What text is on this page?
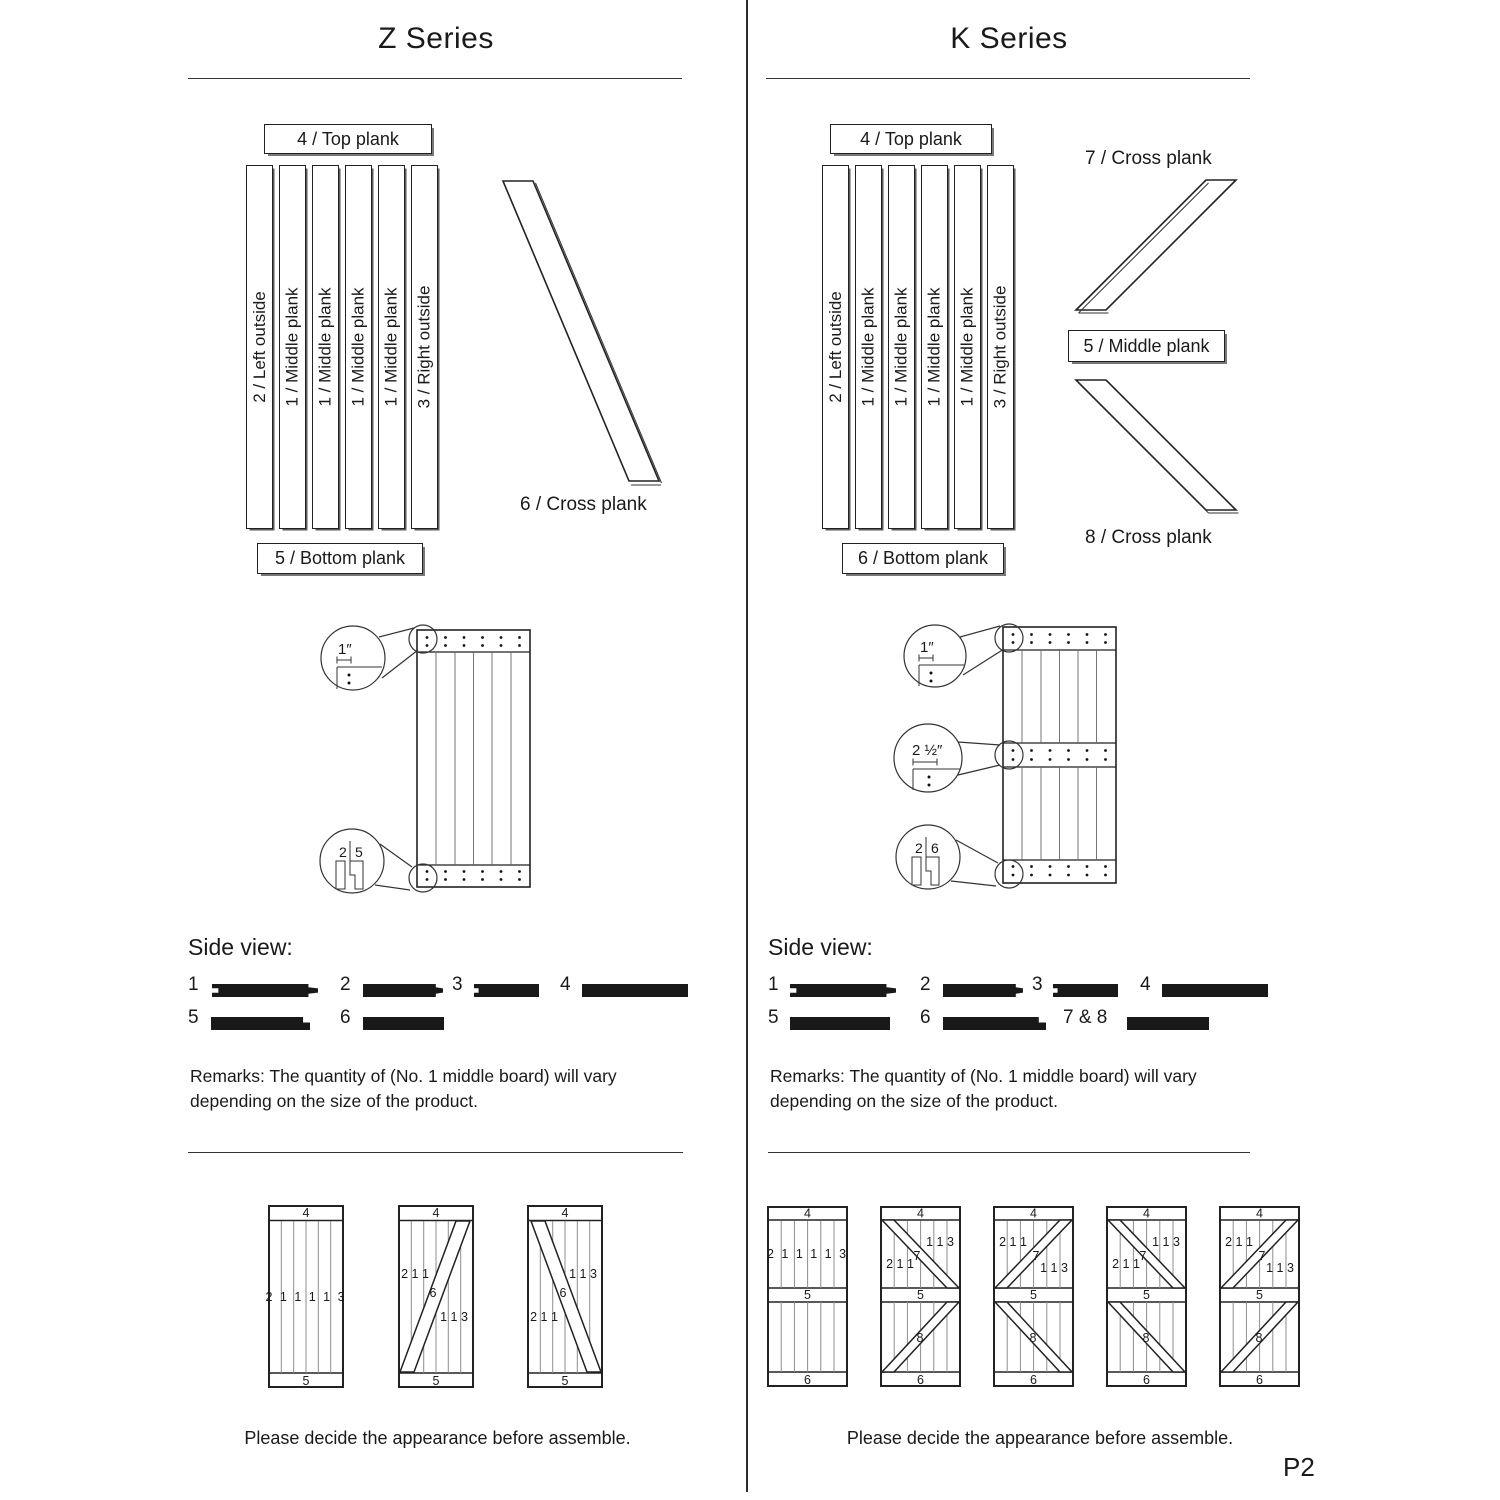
Z Series
4 / Top plank
2 / Left outside 1 / Middle plank 1 / Middle plank 1 / Middle plank 1 / Middle plank 3 / Right outside
6 / Cross plank
5 / Bottom plank
1″
2 5
Side view:
1	2	3	4
5	6
Remarks: The quantity of (No. 1 middle board) will vary depending on the size of the product.
4
2 1 1 1 1 3
5
4
2 1 1
6
1 1 3
5
1 1 3
6
2 1 1
4
5
Please decide the appearance before assemble.
K Series
4 / Top plank
7 / Cross plank
2 / Left outside 1 / Middle plank 1 / Middle plank 1 / Middle plank 1 / Middle plank 3 / Right outside	5 / Middle plank
8 / Cross plank
6 / Bottom plank
1″
2 ½″
2 6
Side view:
1	2	3	4
5	6	7 & 8
Remarks: The quantity of (No. 1 middle board) will vary depending on the size of the product.
4
2 1 1 1 1 3
5
6
4
1 1 3
7
2 1 1
5
8
6
4
2 1 1
7
1 1 3
5
8
6
4
1 1 3
7
2 1 1
5
8
6
4
2 1 1
7
1 1 3
5
8
6
Please decide the appearance before assemble.
P2
